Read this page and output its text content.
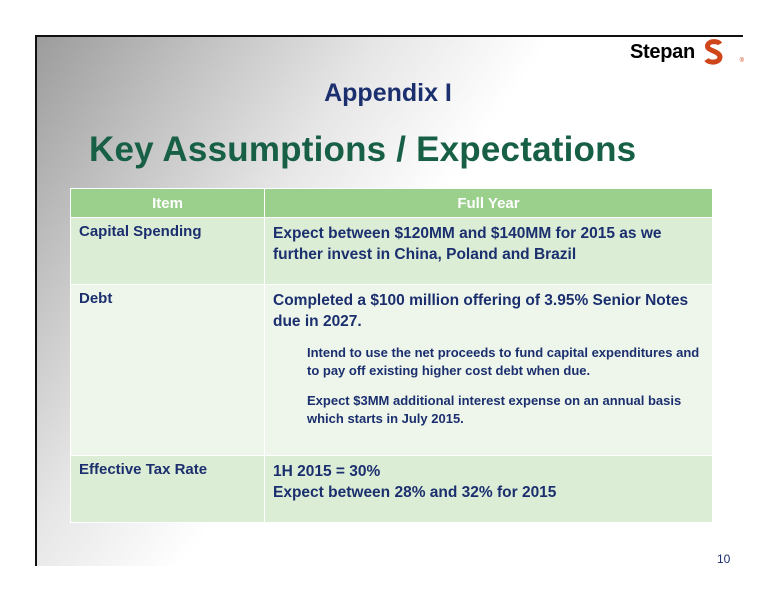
Stepan	®
Appendix I
Key Assumptions / Expectations
Item	Full Year
Capital Spending	Expect between $120MM and $140MM for 2015 as we further invest in China, Poland and Brazil
Debt	Completed a $100 million offering of 3.95% Senior Notes due in 2027.
Intend to use the net proceeds to fund capital expenditures and to pay off existing higher cost debt when due.
Expect $3MM additional interest expense on an annual basis which starts in July 2015.

Effective Tax Rate	1H 2015 = 30%
Expect between 28% and 32% for 2015
10
